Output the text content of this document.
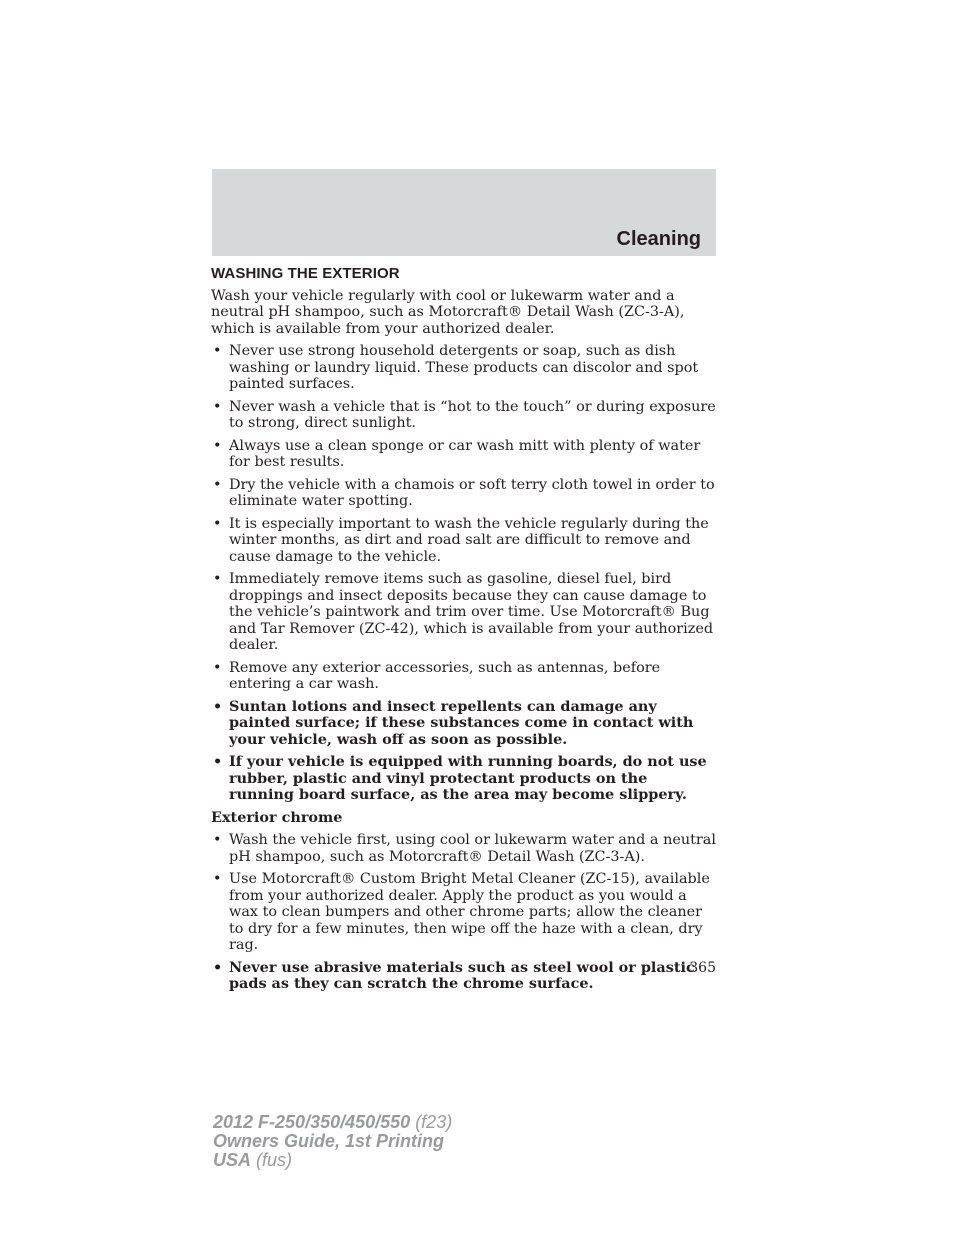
Cleaning
WASHING THE EXTERIOR

Wash your vehicle regularly with cool or lukewarm water and a neutral pH shampoo, such as Motorcraft® Detail Wash (ZC-3-A), which is available from your authorized dealer.

• Never use strong household detergents or soap, such as dish washing or laundry liquid. These products can discolor and spot painted surfaces.
• Never wash a vehicle that is “hot to the touch” or during exposure to strong, direct sunlight.
• Always use a clean sponge or car wash mitt with plenty of water for best results.
• Dry the vehicle with a chamois or soft terry cloth towel in order to eliminate water spotting.
• It is especially important to wash the vehicle regularly during the winter months, as dirt and road salt are difficult to remove and cause damage to the vehicle.
• Immediately remove items such as gasoline, diesel fuel, bird droppings and insect deposits because they can cause damage to the vehicle’s paintwork and trim over time. Use Motorcraft® Bug and Tar Remover (ZC-42), which is available from your authorized dealer.
• Remove any exterior accessories, such as antennas, before entering a car wash.
• Suntan lotions and insect repellents can damage any painted surface; if these substances come in contact with your vehicle, wash off as soon as possible.
• If your vehicle is equipped with running boards, do not use rubber, plastic and vinyl protectant products on the running board surface, as the area may become slippery.
Exterior chrome
• Wash the vehicle first, using cool or lukewarm water and a neutral pH shampoo, such as Motorcraft® Detail Wash (ZC-3-A).
• Use Motorcraft® Custom Bright Metal Cleaner (ZC-15), available from your authorized dealer. Apply the product as you would a wax to clean bumpers and other chrome parts; allow the cleaner to dry for a few minutes, then wipe off the haze with a clean, dry rag.
• Never use abrasive materials such as steel wool or plastic pads as they can scratch the chrome surface.
365
2012 F-250/350/450/550 (f23)
Owners Guide, 1st Printing
USA (fus)
